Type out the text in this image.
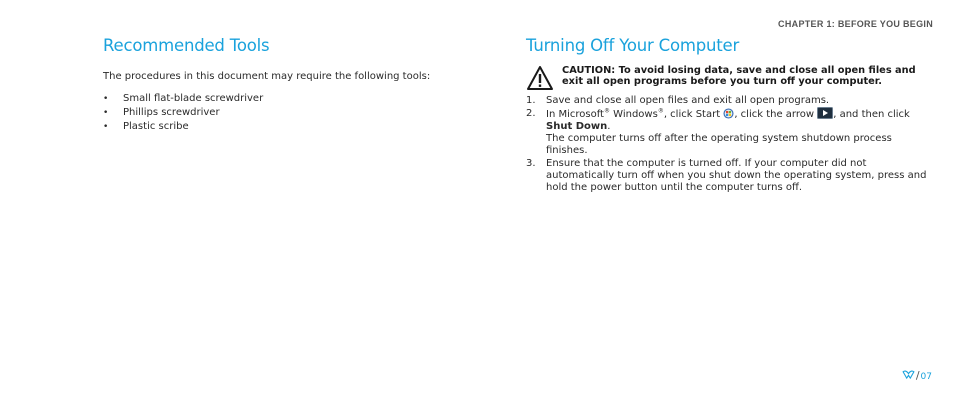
CHAPTER 1: BEFORE YOU BEGIN
Recommended Tools

The procedures in this document may require the following tools:

• Small flat-blade screwdriver
• Phillips screwdriver
• Plastic scribe
Turning Off Your Computer
CAUTION: To avoid losing data, save and close all open files and exit all open programs before you turn off your computer.
1. Save and close all open files and exit all open programs.
2. In Microsoft® Windows®, click Start , click the arrow , and then click
Shut Down.
The computer turns off after the operating system shutdown process finishes.
3. Ensure that the computer is turned off. If your computer did not automatically turn off when you shut down the operating system, press and hold the power button until the computer turns off.
/ 07
